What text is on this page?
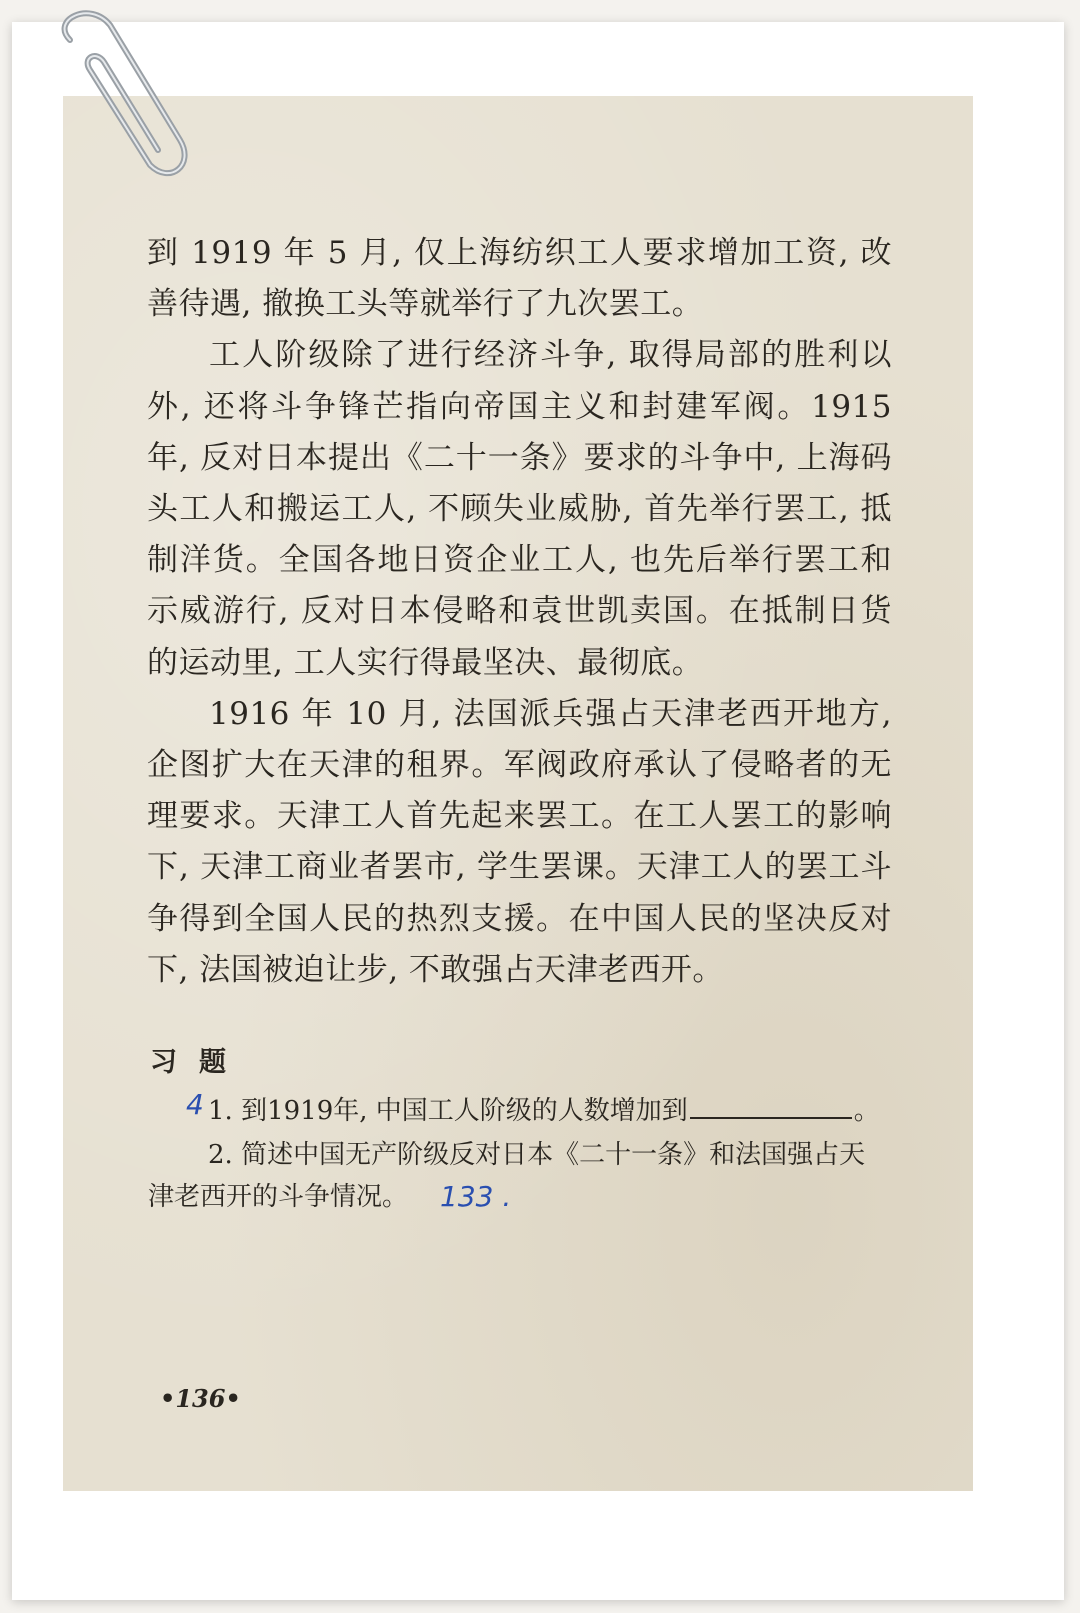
到 1919 年 5 月, 仅上海纺织工人要求增加工资, 改善待遇, 撤换工头等就举行了九次罢工。

工人阶级除了进行经济斗争, 取得局部的胜利以外, 还将斗争锋芒指向帝国主义和封建军阀。1915 年, 反对日本提出《二十一条》要求的斗争中, 上海码头工人和搬运工人, 不顾失业威胁, 首先举行罢工, 抵制洋货。全国各地日资企业工人, 也先后举行罢工和示威游行, 反对日本侵略和袁世凯卖国。在抵制日货的运动里, 工人实行得最坚决、最彻底。

1916 年 10 月, 法国派兵强占天津老西开地方, 企图扩大在天津的租界。军阀政府承认了侵略者的无理要求。天津工人首先起来罢工。在工人罢工的影响下, 天津工商业者罢市, 学生罢课。天津工人的罢工斗争得到全国人民的热烈支援。在中国人民的坚决反对下, 法国被迫让步, 不敢强占天津老西开。

习题
1. 到1919年, 中国工人阶级的人数增加到	。
2. 简述中国无产阶级反对日本《二十一条》和法国强占天
津老西开的斗争情况。
4
133 .
•136•
